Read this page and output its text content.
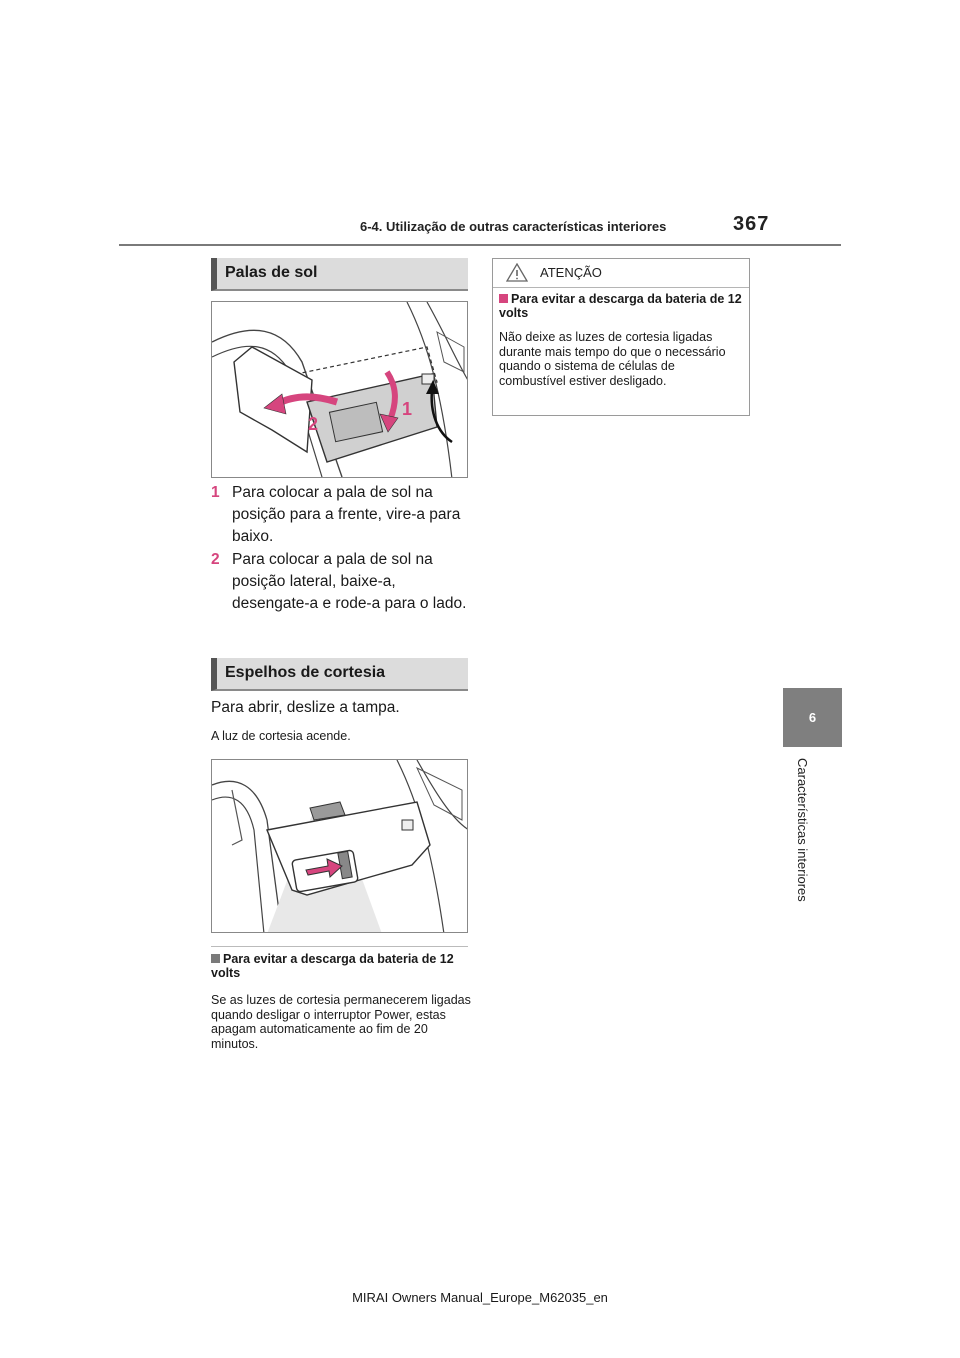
6-4. Utilização de outras características interiores	367
6
Características interiores
Palas de sol
1
2
1 Para colocar a pala de sol na posição para a frente, vire-a para baixo.
2 Para colocar a pala de sol na posição lateral, baixe-a, desengate-a e rode-a para o lado.
Espelhos de cortesia
Para abrir, deslize a tampa.
A luz de cortesia acende.
Para evitar a descarga da bateria de 12 volts
Se as luzes de cortesia permanecerem ligadas quando desligar o interruptor Power, estas apagam automaticamente ao fim de 20 minutos.
ATENÇÃO
Para evitar a descarga da bateria de 12 volts
Não deixe as luzes de cortesia ligadas durante mais tempo do que o necessário quando o sistema de células de combustível estiver desligado.
MIRAI Owners Manual_Europe_M62035_en
